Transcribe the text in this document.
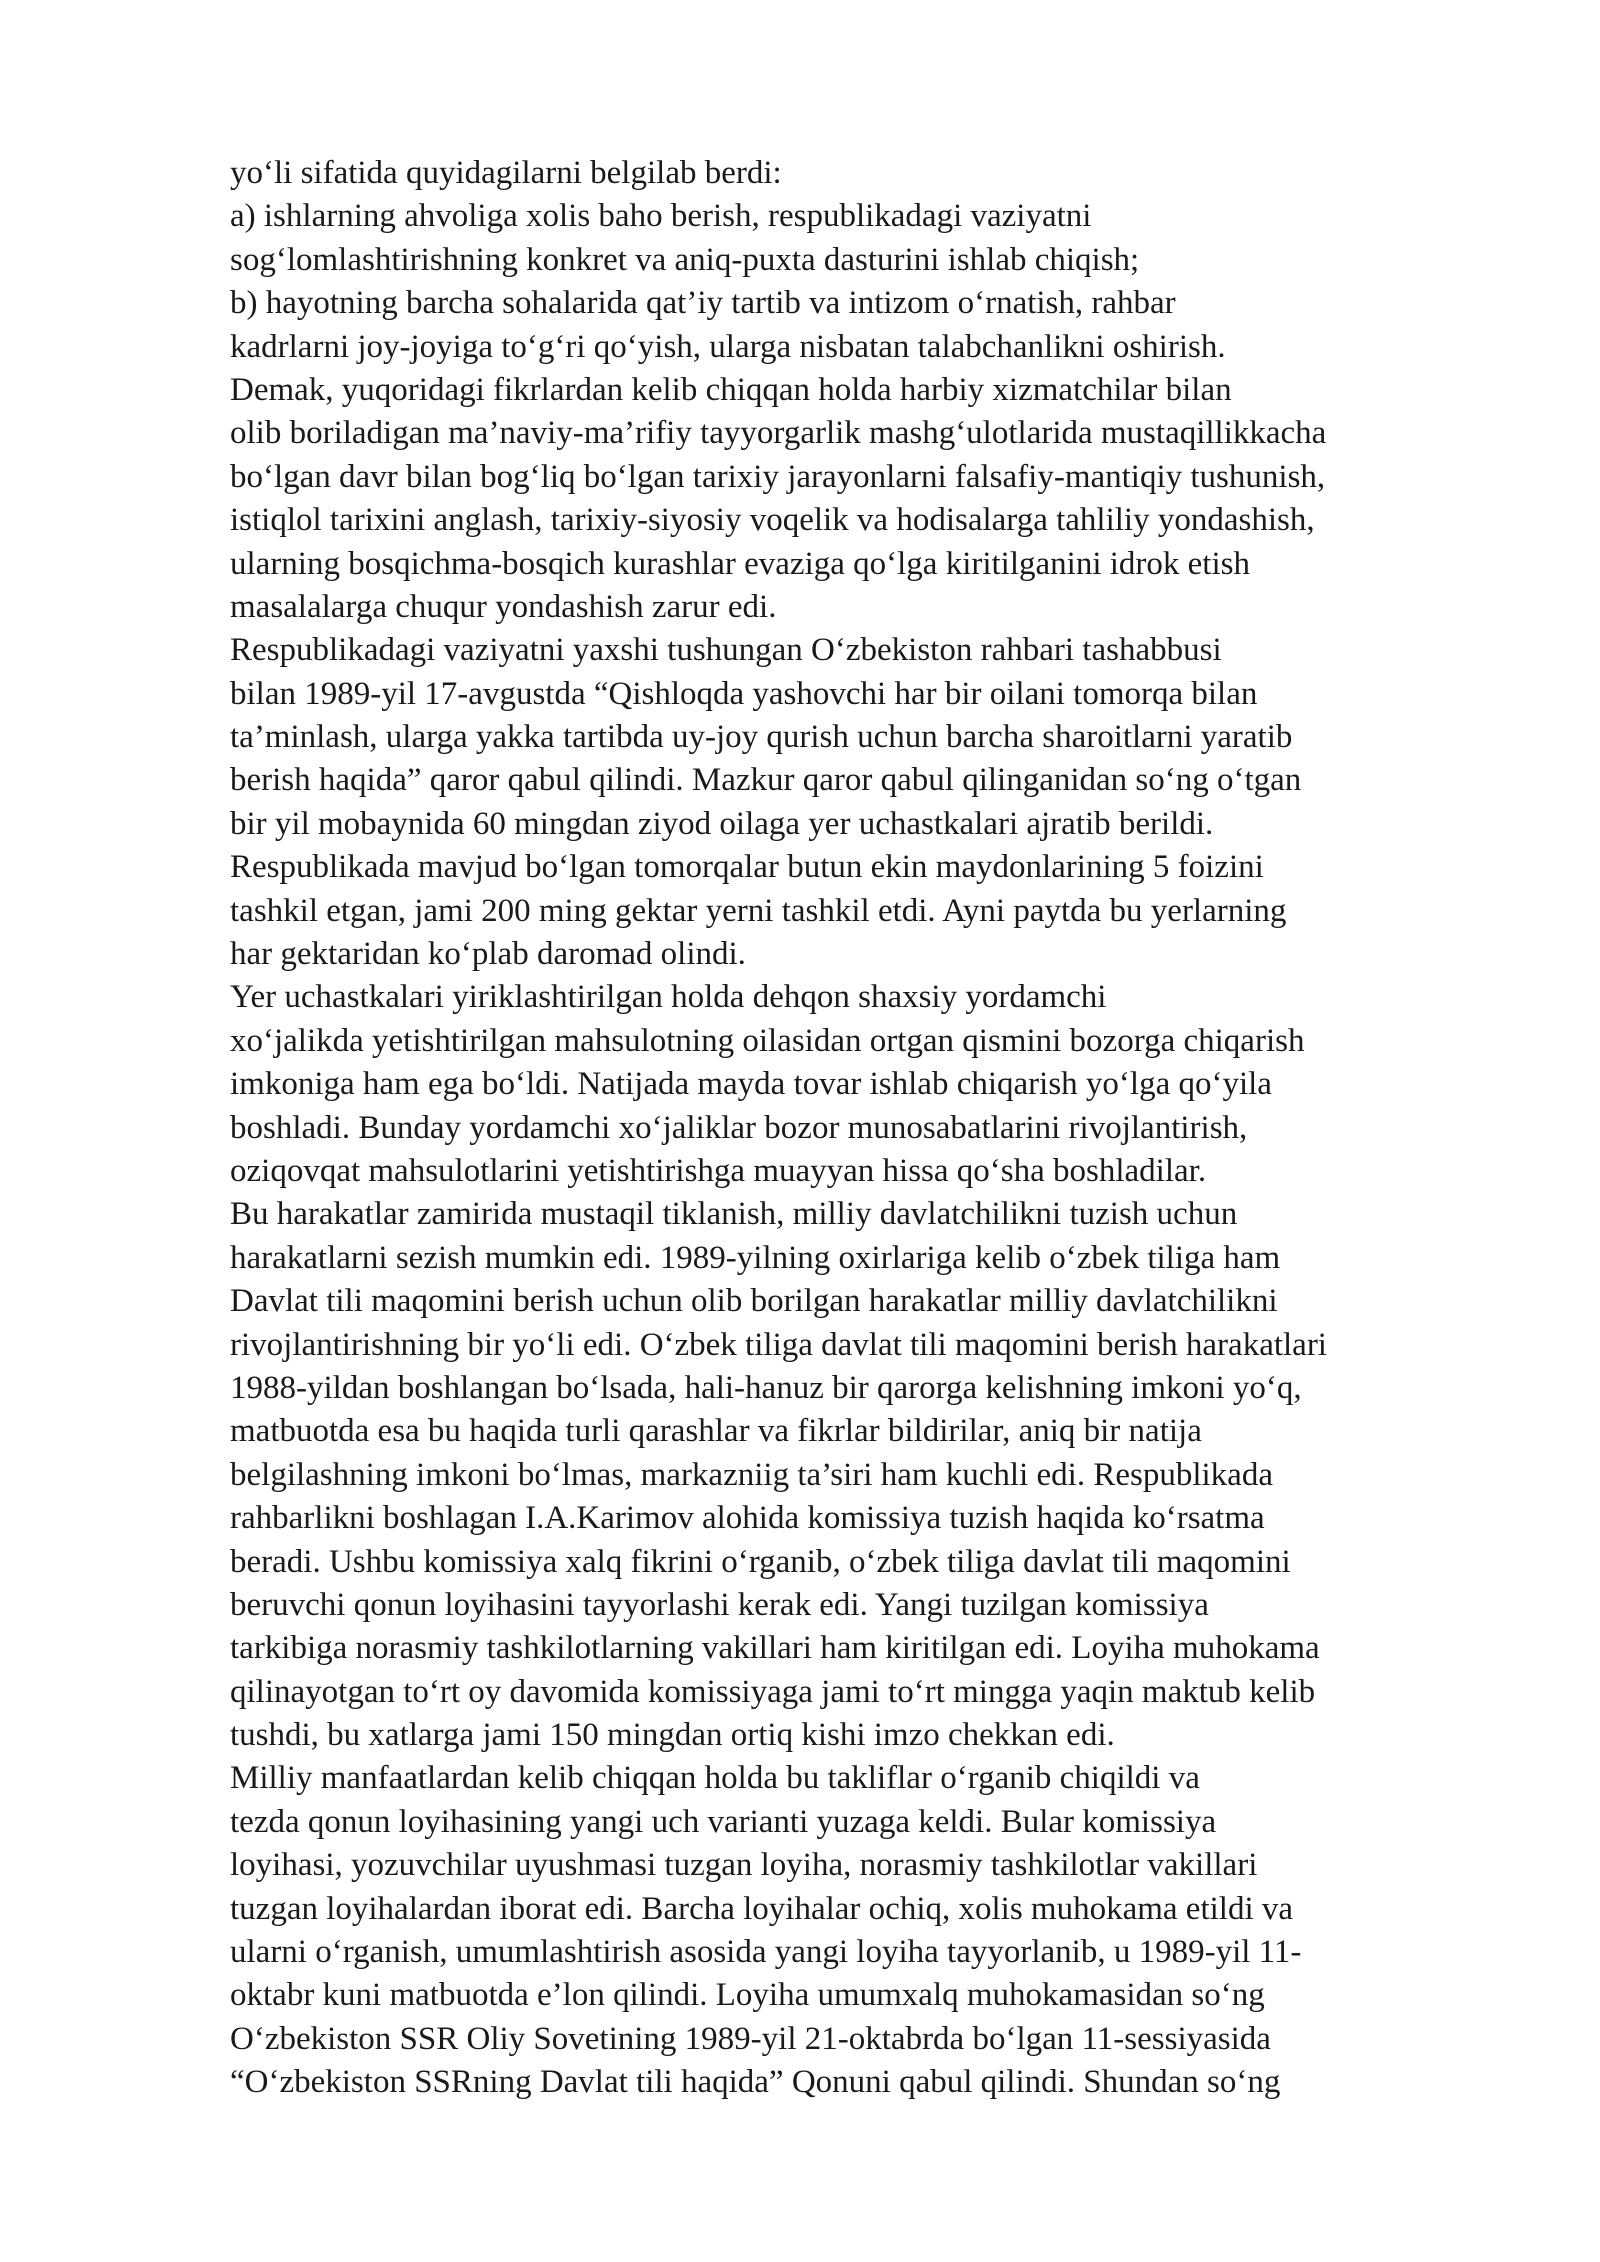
yo‘li sifatida quyidagilarni belgilab berdi:
a) ishlarning ahvoliga xolis baho berish, respublikadagi vaziyatni
sog‘lomlashtirishning konkret va aniq-puxta dasturini ishlab chiqish;
b) hayotning barcha sohalarida qat’iy tartib va intizom o‘rnatish, rahbar
kadrlarni joy-joyiga to‘g‘ri qo‘yish, ularga nisbatan talabchanlikni oshirish.
Demak, yuqoridagi fikrlardan kelib chiqqan holda harbiy xizmatchilar bilan
olib boriladigan ma’naviy-ma’rifiy tayyorgarlik mashg‘ulotlarida mustaqillikkacha
bo‘lgan davr bilan bog‘liq bo‘lgan tarixiy jarayonlarni falsafiy-mantiqiy tushunish,
istiqlol tarixini anglash, tarixiy-siyosiy voqelik va hodisalarga tahliliy yondashish,
ularning bosqichma-bosqich kurashlar evaziga qo‘lga kiritilganini idrok etish
masalalarga chuqur yondashish zarur edi.
Respublikadagi vaziyatni yaxshi tushungan O‘zbekiston rahbari tashabbusi
bilan 1989-yil 17-avgustda “Qishloqda yashovchi har bir oilani tomorqa bilan
ta’minlash, ularga yakka tartibda uy-joy qurish uchun barcha sharoitlarni yaratib
berish haqida” qaror qabul qilindi. Mazkur qaror qabul qilinganidan so‘ng o‘tgan
bir yil mobaynida 60 mingdan ziyod oilaga yer uchastkalari ajratib berildi.
Respublikada mavjud bo‘lgan tomorqalar butun ekin maydonlarining 5 foizini
tashkil etgan, jami 200 ming gektar yerni tashkil etdi. Ayni paytda bu yerlarning
har gektaridan ko‘plab daromad olindi.
Yer uchastkalari yiriklashtirilgan holda dehqon shaxsiy yordamchi
xo‘jalikda yetishtirilgan mahsulotning oilasidan ortgan qismini bozorga chiqarish
imkoniga ham ega bo‘ldi. Natijada mayda tovar ishlab chiqarish yo‘lga qo‘yila
boshladi. Bunday yordamchi xo‘jaliklar bozor munosabatlarini rivojlantirish,
oziqovqat mahsulotlarini yetishtirishga muayyan hissa qo‘sha boshladilar.
Bu harakatlar zamirida mustaqil tiklanish, milliy davlatchilikni tuzish uchun
harakatlarni sezish mumkin edi. 1989-yilning oxirlariga kelib o‘zbek tiliga ham
Davlat tili maqomini berish uchun olib borilgan harakatlar milliy davlatchilikni
rivojlantirishning bir yo‘li edi. O‘zbek tiliga davlat tili maqomini berish harakatlari
1988-yildan boshlangan bo‘lsada, hali-hanuz bir qarorga kelishning imkoni yo‘q,
matbuotda esa bu haqida turli qarashlar va fikrlar bildirilar, aniq bir natija
belgilashning imkoni bo‘lmas, markazniig ta’siri ham kuchli edi. Respublikada
rahbarlikni boshlagan I.A.Karimov alohida komissiya tuzish haqida ko‘rsatma
beradi. Ushbu komissiya xalq fikrini o‘rganib, o‘zbek tiliga davlat tili maqomini
beruvchi qonun loyihasini tayyorlashi kerak edi. Yangi tuzilgan komissiya
tarkibiga norasmiy tashkilotlarning vakillari ham kiritilgan edi. Loyiha muhokama
qilinayotgan to‘rt oy davomida komissiyaga jami to‘rt mingga yaqin maktub kelib
tushdi, bu xatlarga jami 150 mingdan ortiq kishi imzo chekkan edi.
Milliy manfaatlardan kelib chiqqan holda bu takliflar o‘rganib chiqildi va
tezda qonun loyihasining yangi uch varianti yuzaga keldi. Bular komissiya
loyihasi, yozuvchilar uyushmasi tuzgan loyiha, norasmiy tashkilotlar vakillari
tuzgan loyihalardan iborat edi. Barcha loyihalar ochiq, xolis muhokama etildi va
ularni o‘rganish, umumlashtirish asosida yangi loyiha tayyorlanib, u 1989-yil 11-
oktabr kuni matbuotda e’lon qilindi. Loyiha umumxalq muhokamasidan so‘ng
O‘zbekiston SSR Oliy Sovetining 1989-yil 21-oktabrda bo‘lgan 11-sessiyasida
“O‘zbekiston SSRning Davlat tili haqida” Qonuni qabul qilindi. Shundan so‘ng
